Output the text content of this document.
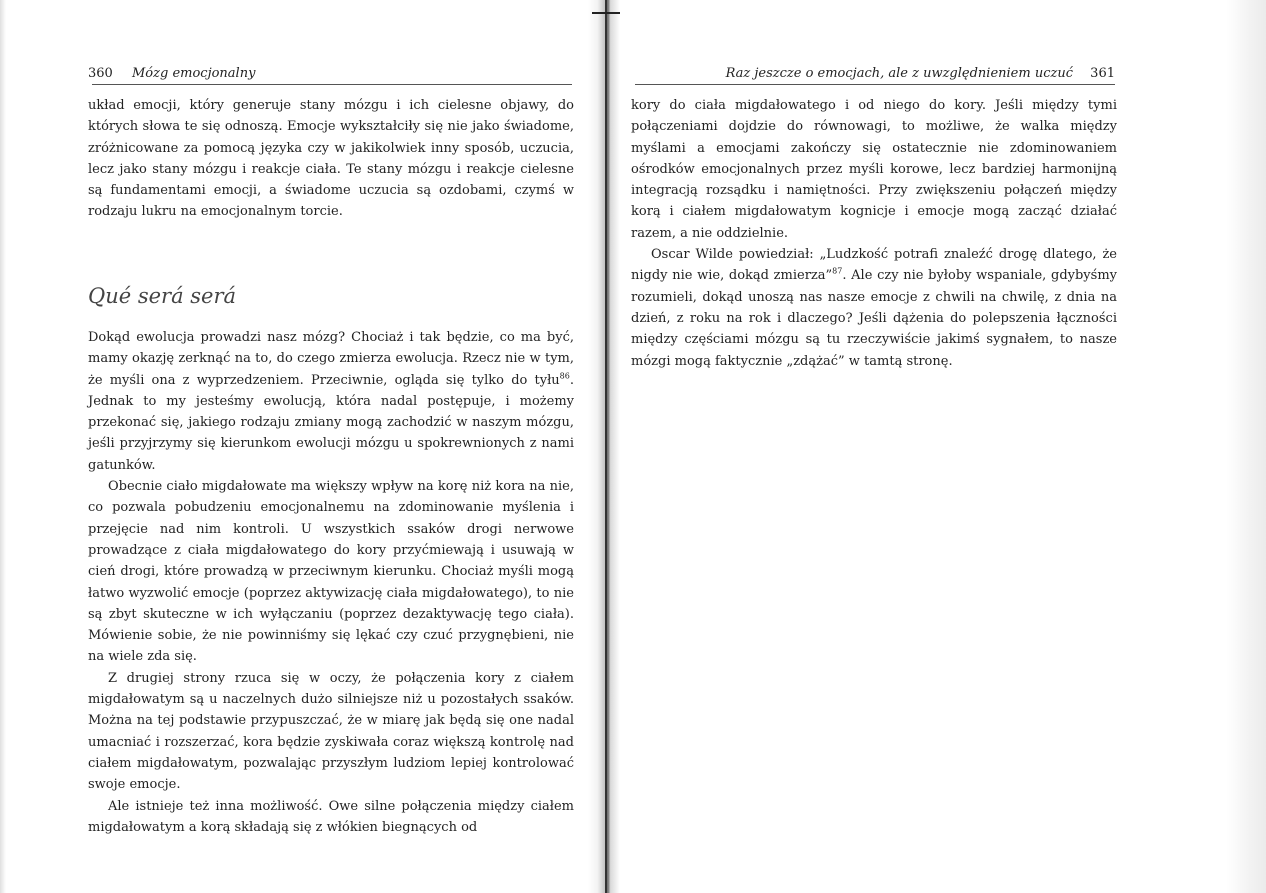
360 Mózg emocjonalny

układ emocji, który generuje stany mózgu i ich cielesne objawy, do których słowa te się odnoszą. Emocje wykształciły się nie jako świadome, zróżnicowane za pomocą języka czy w jakikolwiek inny sposób, uczucia, lecz jako stany mózgu i reakcje ciała. Te stany mózgu i reakcje cielesne są fundamentami emocji, a świadome uczucia są ozdobami, czymś w rodzaju lukru na emocjonalnym torcie.

Qué será será

Dokąd ewolucja prowadzi nasz mózg? Chociaż i tak będzie, co ma być, mamy okazję zerknąć na to, do czego zmierza ewolucja. Rzecz nie w tym, że myśli ona z wyprzedzeniem. Przeciwnie, ogląda się tylko do tyłu$^{86}$. Jednak to my jesteśmy ewolucją, która nadal postępuje, i możemy przekonać się, jakiego rodzaju zmiany mogą zachodzić w naszym mózgu, jeśli przyjrzymy się kierunkom ewolucji mózgu u spokrewnionych z nami gatunków.

Obecnie ciało migdałowate ma większy wpływ na korę niż kora na nie, co pozwala pobudzeniu emocjonalnemu na zdominowanie myślenia i przejęcie nad nim kontroli. U wszystkich ssaków drogi nerwowe prowadzące z ciała migdałowatego do kory przyćmiewają i usuwają w cień drogi, które prowadzą w przeciwnym kierunku. Chociaż myśli mogą łatwo wyzwolić emocje (poprzez aktywizację ciała migdałowatego), to nie są zbyt skuteczne w ich wyłączaniu (poprzez dezaktywację tego ciała). Mówienie sobie, że nie powinniśmy się lękać czy czuć przygnębieni, nie na wiele zda się.

Z drugiej strony rzuca się w oczy, że połączenia kory z ciałem migdałowatym są u naczelnych dużo silniejsze niż u pozostałych ssaków. Można na tej podstawie przypuszczać, że w miarę jak będą się one nadal umacniać i rozszerzać, kora będzie zyskiwała coraz większą kontrolę nad ciałem migdałowatym, pozwalając przyszłym ludziom lepiej kontrolować swoje emocje.

Ale istnieje też inna możliwość. Owe silne połączenia między ciałem migdałowatym a korą składają się z włókien biegnących od

Raz jeszcze o emocjach, ale z uwzględnieniem uczuć 361

kory do ciała migdałowatego i od niego do kory. Jeśli między tymi połączeniami dojdzie do równowagi, to możliwe, że walka między myślami a emocjami zakończy się ostatecznie nie zdominowaniem ośrodków emocjonalnych przez myśli korowe, lecz bardziej harmonijną integracją rozsądku i namiętności. Przy zwiększeniu połączeń między korą i ciałem migdałowatym kognicje i emocje mogą zacząć działać razem, a nie oddzielnie.

Oscar Wilde powiedział: „Ludzkość potrafi znaleźć drogę dlatego, że nigdy nie wie, dokąd zmierza”$^{87}$. Ale czy nie byłoby wspaniale, gdybyśmy rozumieli, dokąd unoszą nas nasze emocje z chwili na chwilę, z dnia na dzień, z roku na rok i dlaczego? Jeśli dążenia do polepszenia łączności między częściami mózgu są tu rzeczywiście jakimś sygnałem, to nasze mózgi mogą faktycznie „zdążać” w tamtą stronę.
